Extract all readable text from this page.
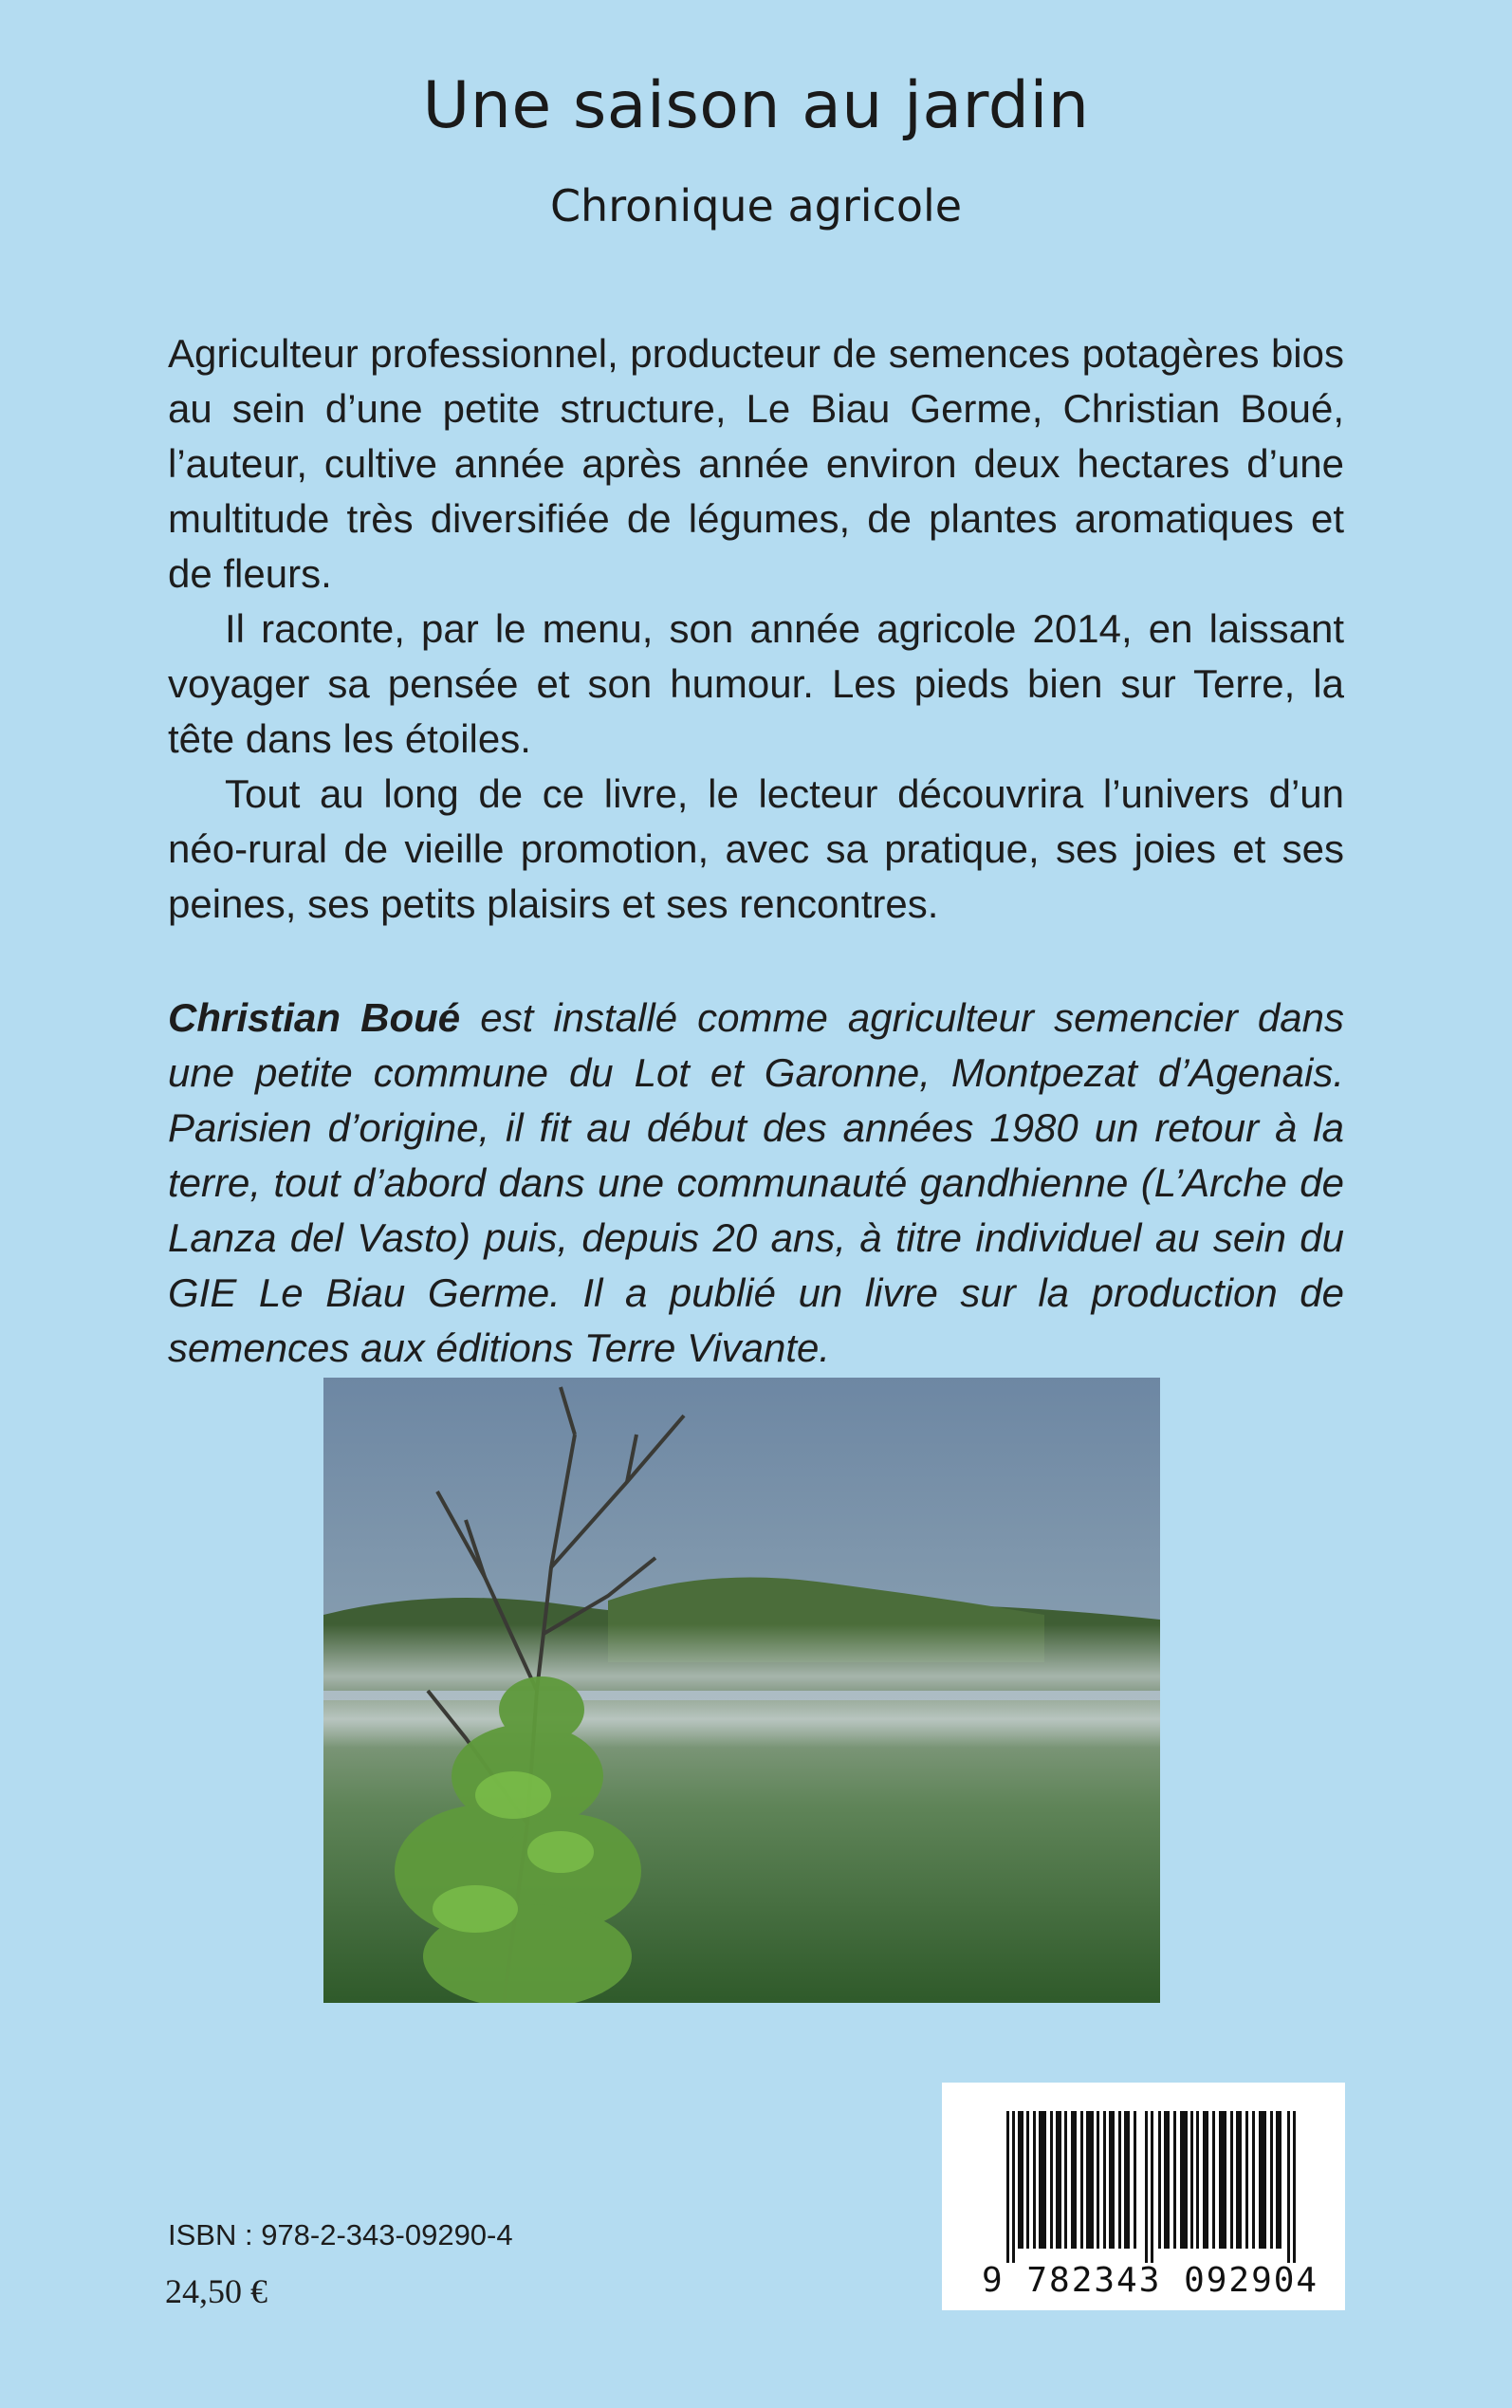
Une saison au jardin
Chronique agricole

Agriculteur professionnel, producteur de semences potagères bios au sein d’une petite structure, Le Biau Germe, Christian Boué, l’auteur, cultive année après année environ deux hectares d’une multitude très diversifiée de légumes, de plantes aromatiques et de fleurs.

Il raconte, par le menu, son année agricole 2014, en laissant voyager sa pensée et son humour. Les pieds bien sur Terre, la tête dans les étoiles.

Tout au long de ce livre, le lecteur découvrira l’univers d’un néo-rural de vieille promotion, avec sa pratique, ses joies et ses peines, ses petits plaisirs et ses rencontres.

Christian Boué est installé comme agriculteur semencier dans une petite commune du Lot et Garonne, Montpezat d’Agenais. Parisien d’origine, il fit au début des années 1980 un retour à la terre, tout d’abord dans une communauté gandhienne (L’Arche de Lanza del Vasto) puis, depuis 20 ans, à titre individuel au sein du GIE Le Biau Germe. Il a publié un livre sur la production de semences aux éditions Terre Vivante.

ISBN : 978-2-343-09290-4

24,50 €	9 782343 092904
